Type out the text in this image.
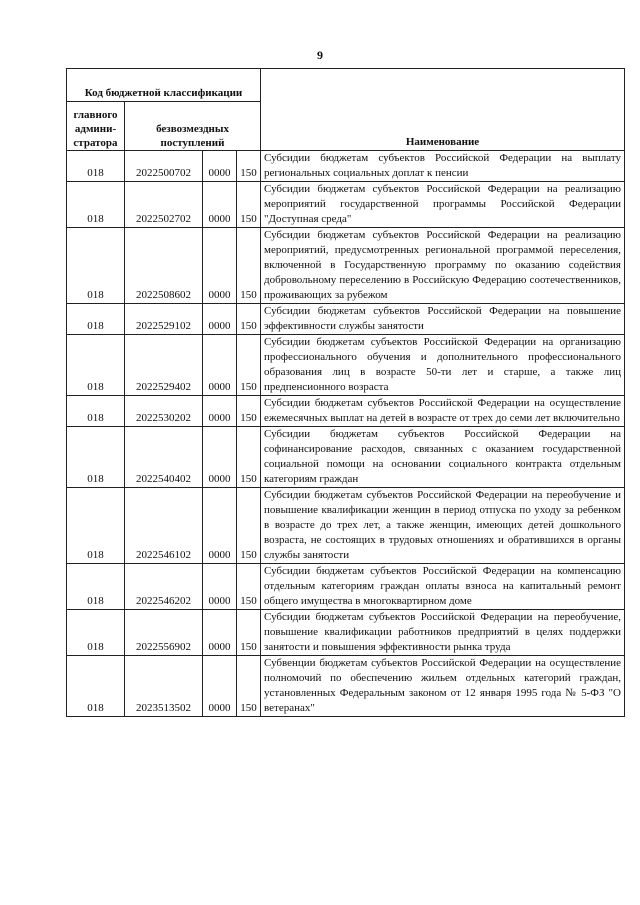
9
Код бюджетной классификации				Наименование
главного админи-стратора	безвозмездных поступлений			
018	2022500702	0000	150	Субсидии бюджетам субъектов Российской Федерации на выплату региональных социальных доплат к пенсии
018	2022502702	0000	150	Субсидии бюджетам субъектов Российской Федерации на реализацию мероприятий государственной программы Российской Федерации "Доступная среда"
018	2022508602	0000	150	Субсидии бюджетам субъектов Российской Федерации на реализацию мероприятий, предусмотренных региональной программой переселения, включенной в Государственную программу по оказанию содействия добровольному переселению в Российскую Федерацию соотечественников, проживающих за рубежом
018	2022529102	0000	150	Субсидии бюджетам субъектов Российской Федерации на повышение эффективности службы занятости
018	2022529402	0000	150	Субсидии бюджетам субъектов Российской Федерации на организацию профессионального обучения и дополнительного профессионального образования лиц в возрасте 50-ти лет и старше, а также лиц предпенсионного возраста
018	2022530202	0000	150	Субсидии бюджетам субъектов Российской Федерации на осуществление ежемесячных выплат на детей в возрасте от трех до семи лет включительно
018	2022540402	0000	150	Субсидии бюджетам субъектов Российской Федерации на софинансирование расходов, связанных с оказанием государственной социальной помощи на основании социального контракта отдельным категориям граждан
018	2022546102	0000	150	Субсидии бюджетам субъектов Российской Федерации на переобучение и повышение квалификации женщин в период отпуска по уходу за ребенком в возрасте до трех лет, а также женщин, имеющих детей дошкольного возраста, не состоящих в трудовых отношениях и обратившихся в органы службы занятости
018	2022546202	0000	150	Субсидии бюджетам субъектов Российской Федерации на компенсацию отдельным категориям граждан оплаты взноса на капитальный ремонт общего имущества в многоквартирном доме
018	2022556902	0000	150	Субсидии бюджетам субъектов Российской Федерации на переобучение, повышение квалификации работников предприятий в целях поддержки занятости и повышения эффективности рынка труда
018	2023513502	0000	150	Субвенции бюджетам субъектов Российской Федерации на осуществление полномочий по обеспечению жильем отдельных категорий граждан, установленных Федеральным законом от 12 января 1995 года № 5-ФЗ "О ветеранах"
